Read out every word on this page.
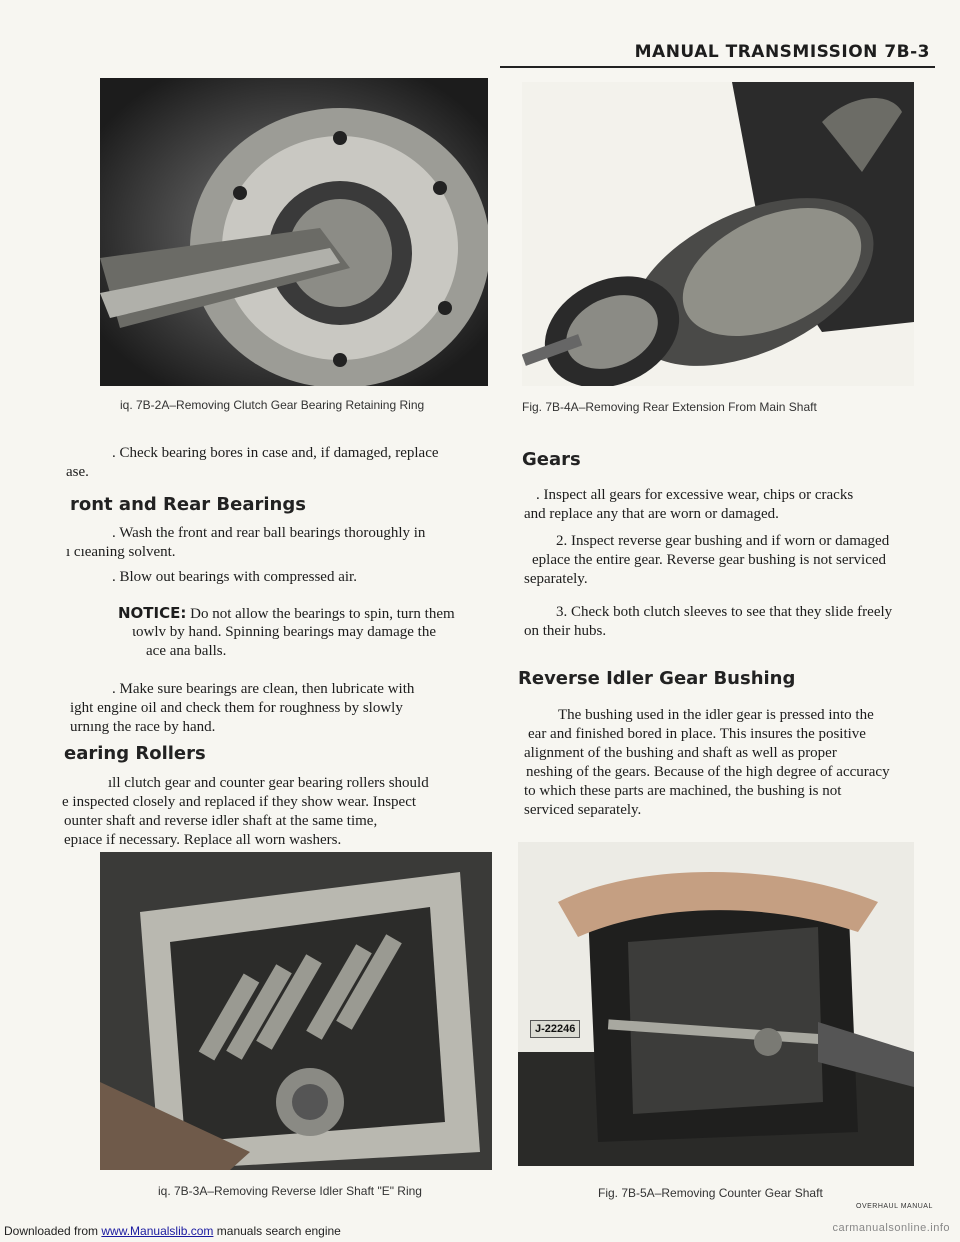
ΜANUAL TRANSMISSION 7B-3
iq. 7B-2A–Removing Clutch Gear Bearing Retaining Ring
. Check bearing bores in case and, if damaged, replace
ase.
ront and Rear Bearings
. Wash the front and rear ball bearings thoroughly in
ı cıeaning solvent.
. Blow out bearings with compressed air.
NOTICE: Do not allow the bearings to spin, turn them
ιowlv by hand. Spinning bearings may damage the
ace ana balls.
. Make sure bearings are clean, then lubricate with
ight engine oil and check them for roughness by slowly
urnıng the race by hand.
earing Rollers
ıll clutch gear and counter gear bearing rollers should
e inspected closely and replaced if they show wear. Inspect
ounter shaft and reverse idler shaft at the same time,
epıace if necessary. Replace all worn washers.
iq. 7B-3A–Removing Reverse Idler Shaft "E" Ring
Fig. 7B-4A–Removing Rear Extension From Main Shaft
Gears
. Inspect all gears for excessive wear, chips or cracks
and replace any that are worn or damaged.
2. Inspect reverse gear bushing and if worn or damaged
eplace the entire gear. Reverse gear bushing is not serviced
separately.
3. Check both clutch sleeves to see that they slide freely
on their hubs.
Reverse Idler Gear Bushing
The bushing used in the idler gear is pressed into the
ear and finished bored in place. This insures the positive
alignment of the bushing and shaft as well as proper
neshing of the gears. Because of the high degree of accuracy
to which these parts are machined, the bushing is not
serviced separately.
J-22246
Fig. 7B-5A–Removing Counter Gear Shaft
OVERHAUL MANUAL
Downloaded from www.Manualslib.com manuals search engine	carmanualsonline.info
